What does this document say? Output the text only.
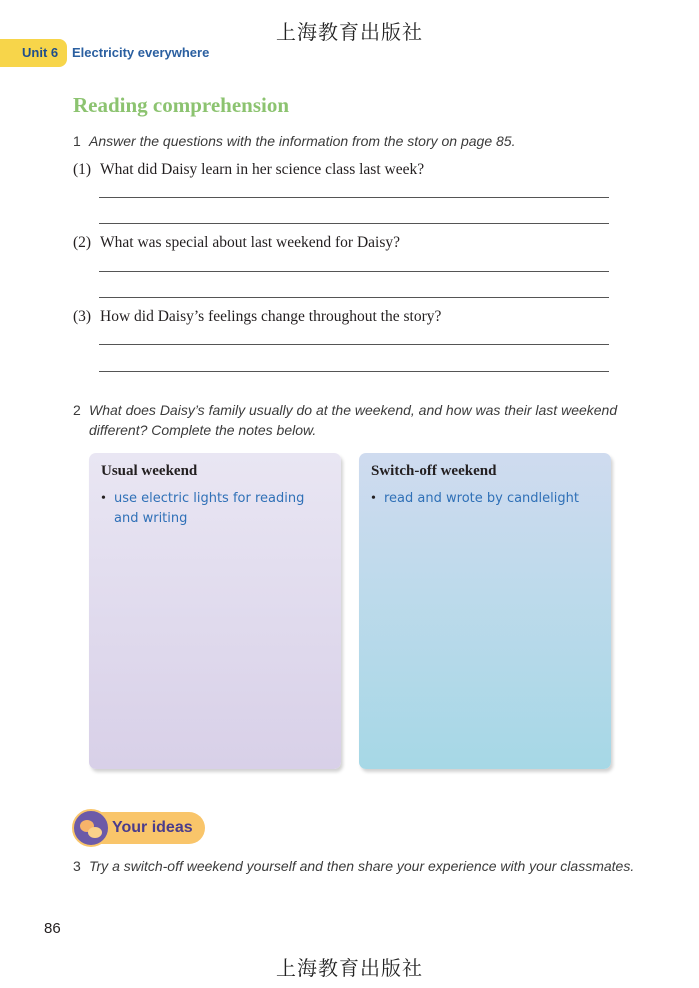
上海教育出版社
Unit 6 Electricity everywhere
Reading comprehension
1 Answer the questions with the information from the story on page 85.
(1) What did Daisy learn in her science class last week?
(2) What was special about last weekend for Daisy?
(3) How did Daisy’s feelings change throughout the story?
2 What does Daisy’s family usually do at the weekend, and how was their last weekend
different? Complete the notes below.
Usual weekend
• use electric lights for reading and writing
Switch-off weekend
• read and wrote by candlelight
Your ideas
3 Try a switch-off weekend yourself and then share your experience with your classmates.
86
上海教育出版社
